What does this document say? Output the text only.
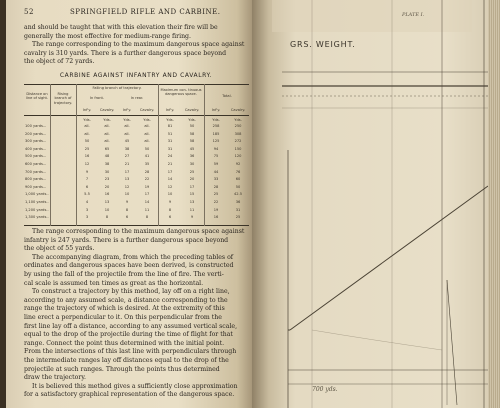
52	SPRINGFIELD RIFLE AND CARBINE.
and should be taught that with this elevation their fire will be
generally the most effective for medium-range firing.
The range corresponding to the maximum dangerous space against
cavalry is 310 yards. There is a further dangerous space beyond
the object of 72 yards.
CARBINE AGAINST INFANTRY AND CAVALRY.
Distance on line of sight.
Rising branch of trajectory.
Falling branch of trajectory.
In front.	In rear.
Maximum con- tinuous dangerous space.	Total.
Inf'y.	Cavalry.	Inf'y.	Cavalry.	Inf'y.	Cavalry.	Inf'y.	Cavalry.
Yds.	Yds.	Yds.	Yds.	Yds.	Yds.	Yds.	Yds.
100 yards...	all.	all.	all.	all.	81	50	258	250
200 yards...	all.	all.	all.	all.	51	58	185	308
300 yards...	50	all.	45	all.	31	58	125	272
400 yards...	25	65	38	50	31	45	94	150
500 yards...	16	48	27	41	24	36	75	120
600 yards...	12	38	21	35	21	30	59	92
700 yards...	9	30	17	28	17	25	44	76
800 yards...	7	23	13	22	14	20	33	60
900 yards...	6	20	12	19	12	17	28	50
1,000 yards..	5.5	16	10	17	10	15	25	42.5
1,100 yards..	4	13	9	14	9	13	22	36
1,200 yards..	3	10	8	11	8	11	19	31
1,300 yards..	3	8	6	8	6	9	16	25
The range corresponding to the maximum dangerous space against
infantry is 247 yards. There is a further dangerous space beyond
the object of 55 yards.
The accompanying diagram, from which the preceding tables of
ordinates and dangerous spaces have been derived, is constructed
by using the fall of the projectile from the line of fire. The verti-
cal scale is assumed ten times as great as the horizontal.
To construct a trajectory by this method, lay off on a right line,
according to any assumed scale, a distance corresponding to the
range the trajectory of which is desired. At the extremity of this
line erect a perpendicular to it. On this perpendicular from the
first line lay off a distance, according to any assumed vertical scale,
equal to the drop of the projectile during the time of flight for that
range. Connect the point thus determined with the initial point.
From the intersections of this last line with perpendiculars through
the intermediate ranges lay off distances equal to the drop of the
projectile at such ranges. Through the points thus determined
draw the trajectory.
It is believed this method gives a sufficiently close approximation
for a satisfactory graphical representation of the dangerous space.
GRS. WEIGHT.
PLATE I.
700 yds.
